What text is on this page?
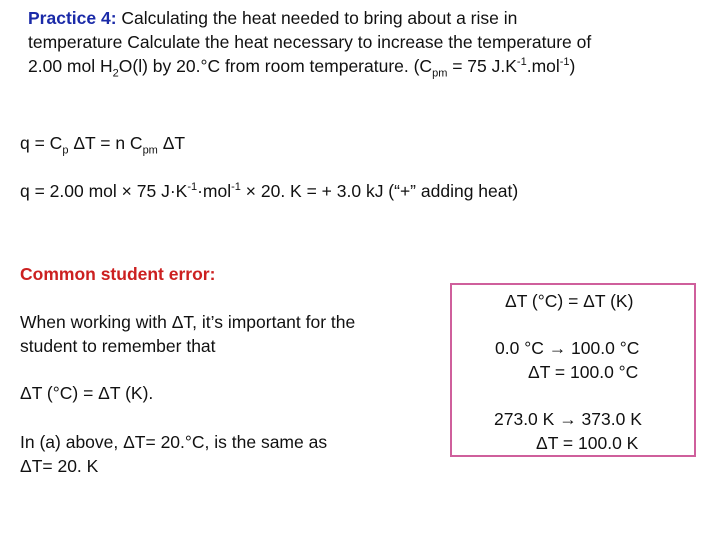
Practice 4: Calculating the heat needed to bring about a rise in
temperature Calculate the heat necessary to increase the temperature of
2.00 mol $H_2O(l)$ by 20.°C from room temperature. ($C_{pm} = 75$ $J.K^{-1}.mol^{-1}$)
$q = C_p$ ΔT = n $C_{pm}$ ΔT
q = 2.00 mol × 75 $J\cdot K^{-1}\cdot mol^{-1} \times 20$. K = + 3.0 kJ (“+” adding heat)
Common student error:
When working with ΔT, it’s important for the
student to remember that
ΔT (°C) = ΔT (K).
In (a) above, ΔT= 20.°C, is the same as
ΔT= 20. K
ΔT (°C) = ΔT (K)
0.0 °C → 100.0 °C
ΔT = 100.0 °C
273.0 K → 373.0 K
ΔT = 100.0 K
